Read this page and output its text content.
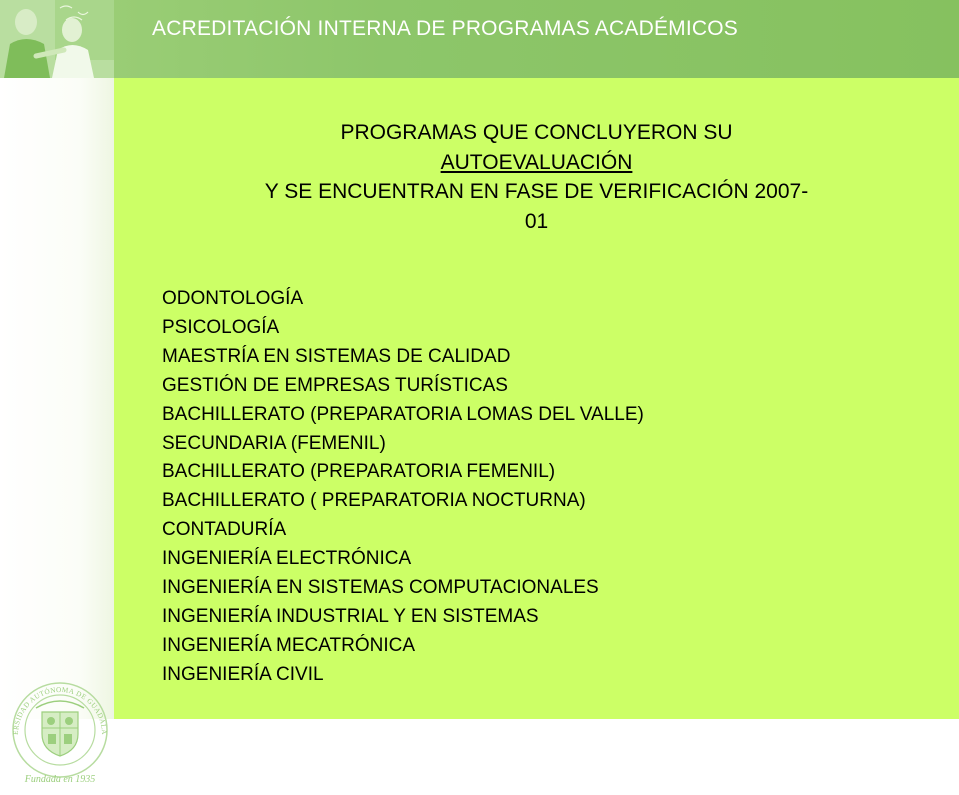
ACREDITACIÓN INTERNA DE PROGRAMAS ACADÉMICOS
ERSIDAD AUTÓNOMA DE GUADALA
Fundada en 1935
PROGRAMAS QUE CONCLUYERON SU
AUTOEVALUACIÓN
Y SE ENCUENTRAN EN FASE DE VERIFICACIÓN 2007-
01
ODONTOLOGÍA
PSICOLOGÍA
MAESTRÍA EN SISTEMAS DE CALIDAD
GESTIÓN DE EMPRESAS TURÍSTICAS
BACHILLERATO (PREPARATORIA LOMAS DEL VALLE)
SECUNDARIA (FEMENIL)
BACHILLERATO (PREPARATORIA FEMENIL)
BACHILLERATO ( PREPARATORIA NOCTURNA)
CONTADURÍA
INGENIERÍA ELECTRÓNICA
INGENIERÍA EN SISTEMAS COMPUTACIONALES
INGENIERÍA INDUSTRIAL Y EN SISTEMAS
INGENIERÍA MECATRÓNICA
INGENIERÍA CIVIL
